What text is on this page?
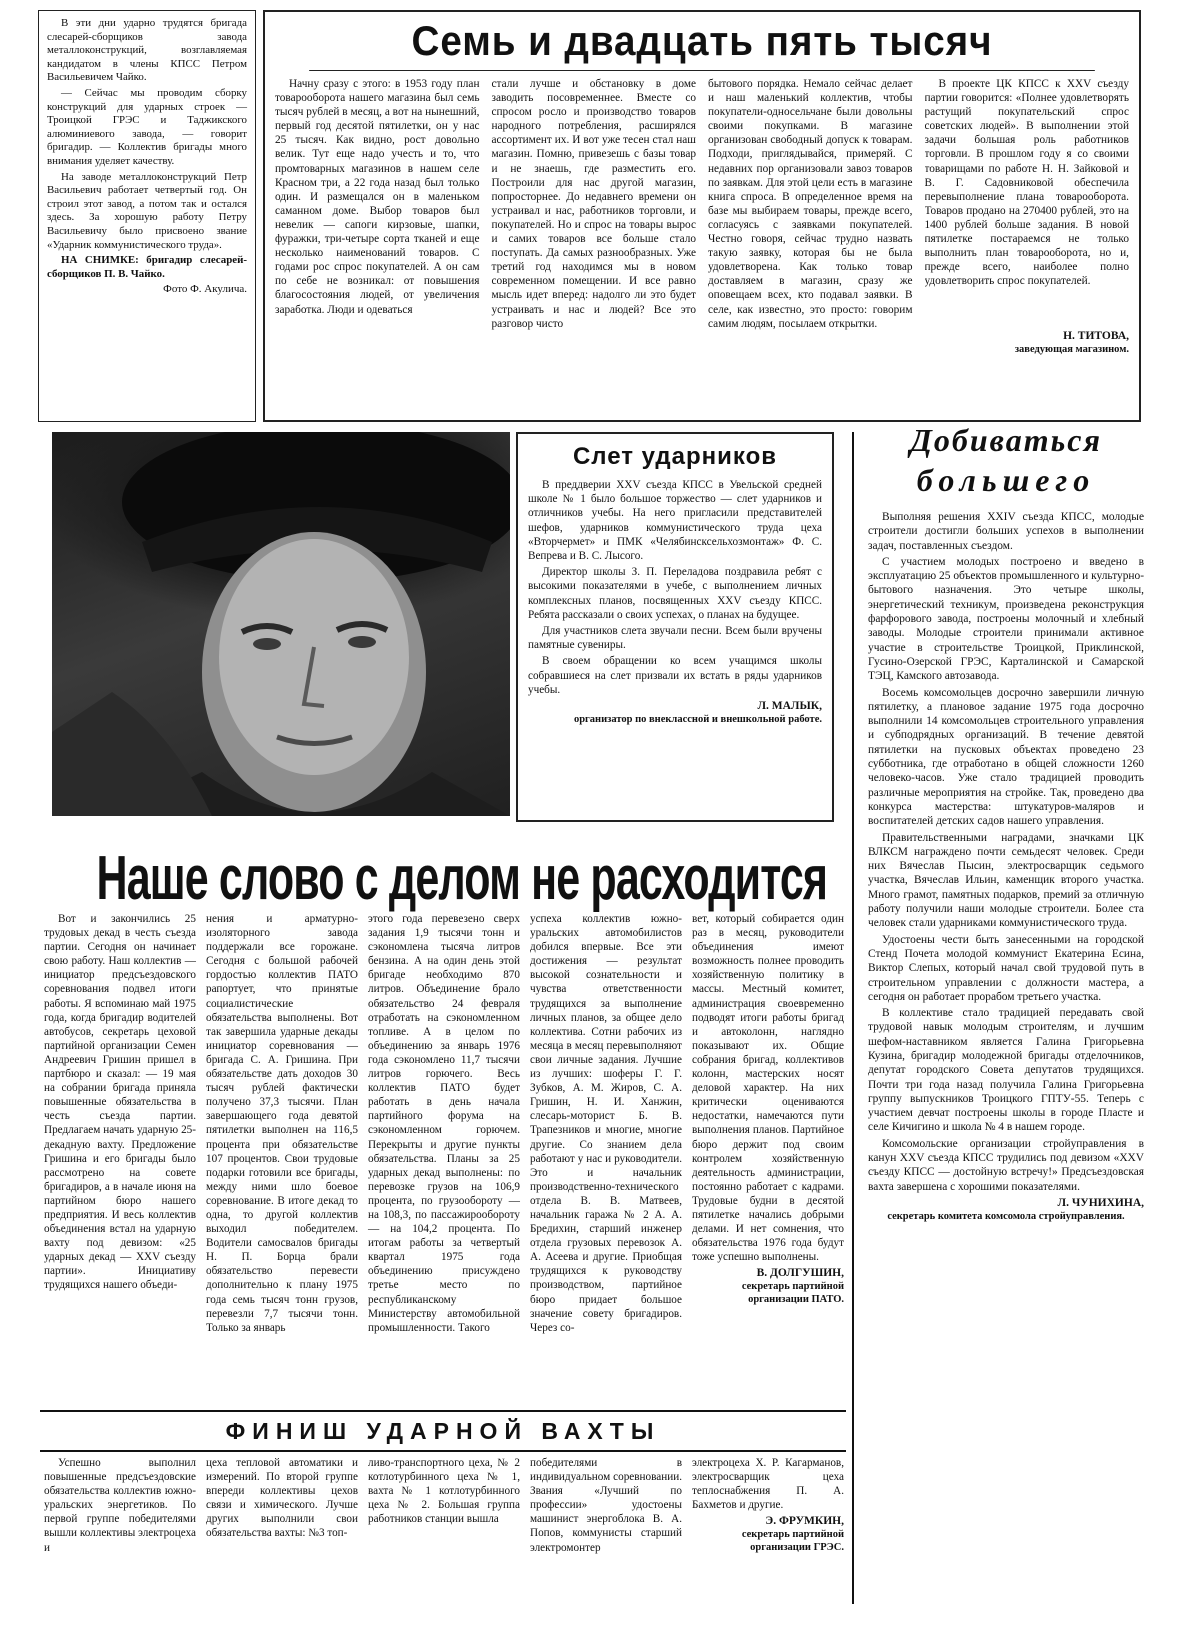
В эти дни ударно трудятся бригада слесарей-сборщиков завода металлоконструкций, возглавляемая кандидатом в члены КПСС Петром Васильевичем Чайко.

— Сейчас мы проводим сборку конструкций для ударных строек — Троицкой ГРЭС и Таджикского алюминиевого завода, — говорит бригадир. — Коллектив бригады много внимания уделяет качеству.

На заводе металлоконструкций Петр Васильевич работает четвертый год. Он строил этот завод, а потом так и остался здесь. За хорошую работу Петру Васильевичу было присвоено звание «Ударник коммунистического труда».

НА СНИМКЕ: бригадир слесарей-сборщиков П. В. Чайко.

Фото Ф. Акулича.
Семь и двадцать пять тысяч

Начну сразу с этого: в 1953 году план товарооборота нашего магазина был семь тысяч рублей в месяц, а вот на нынешний, первый год десятой пятилетки, он у нас 25 тысяч. Как видно, рост довольно велик. Тут еще надо учесть и то, что промтоварных магазинов в нашем селе Красном три, а 22 года назад был только один. И размещался он в маленьком саманном доме. Выбор товаров был невелик — сапоги кирзовые, шапки, фуражки, три-четыре сорта тканей и еще несколько наименований товаров. С годами рос спрос покупателей. А он сам по себе не возникал: от повышения благосостояния людей, от увеличения заработка. Люди и одеваться

стали лучше и обстановку в доме заводить посовременнее. Вместе со спросом росло и производство товаров народного потребления, расширялся ассортимент их. И вот уже тесен стал наш магазин. Помню, привезешь с базы товар и не знаешь, где разместить его. Построили для нас другой магазин, попросторнее. До недавнего времени он устраивал и нас, работников торговли, и покупателей. Но и спрос на товары вырос и самих товаров все больше стало поступать. Да самых разнообразных. Уже третий год находимся мы в новом современном помещении. И все равно мысль идет вперед: надолго ли это будет устраивать и нас и людей? Все это разговор чисто

бытового порядка. Немало сейчас делает и наш маленький коллектив, чтобы покупатели-односельчане были довольны своими покупками. В магазине организован свободный допуск к товарам. Подходи, приглядывайся, примеряй. С недавних пор организовали завоз товаров по заявкам. Для этой цели есть в магазине книга спроса. В определенное время на базе мы выбираем товары, прежде всего, согласуясь с заявками покупателей. Честно говоря, сейчас трудно назвать такую заявку, которая бы не была удовлетворена. Как только товар доставляем в магазин, сразу же оповещаем всех, кто подавал заявки. В селе, как известно, это просто: говорим самим людям, посылаем открытки.

В проекте ЦК КПСС к XXV съезду партии говорится: «Полнее удовлетворять растущий покупательский спрос советских людей». В выполнении этой задачи большая роль работников торговли. В прошлом году я со своими товарищами по работе Н. Н. Зайковой и В. Г. Садовниковой обеспечила перевыполнение плана товарооборота. Товаров продано на 270400 рублей, это на 1400 рублей больше задания. В новой пятилетке постараемся не только выполнить план товарооборота, но и, прежде всего, наиболее полно удовлетворить спрос покупателей.

Н. ТИТОВА,
заведующая магазином.
Слет ударников

В преддверии XXV съезда КПСС в Увельской средней школе № 1 было большое торжество — слет ударников и отличников учебы. На него пригласили представителей шефов, ударников коммунистического труда цеха «Вторчермет» и ПМК «Челябинсксельхозмонтаж» Ф. С. Вепрева и В. С. Лысого.

Директор школы З. П. Переладова поздравила ребят с высокими показателями в учебе, с выполнением личных комплексных планов, посвященных XXV съезду КПСС. Ребята рассказали о своих успехах, о планах на будущее.

Для участников слета звучали песни. Всем были вручены памятные сувениры.

В своем обращении ко всем учащимся школы собравшиеся на слет призвали их встать в ряды ударников учебы.

Л. МАЛЫК,
организатор по внеклассной и внешкольной работе.
Добиваться
большего

Выполняя решения XXIV съезда КПСС, молодые строители достигли больших успехов в выполнении задач, поставленных съездом.

С участием молодых построено и введено в эксплуатацию 25 объектов промышленного и культурно-бытового назначения. Это четыре школы, энергетический техникум, произведена реконструкция фарфорового завода, построены молочный и хлебный заводы. Молодые строители принимали активное участие в строительстве Троицкой, Приклинской, Гусино-Озерской ГРЭС, Карталинской и Самарской ТЭЦ, Камского автозавода.

Восемь комсомольцев досрочно завершили личную пятилетку, а плановое задание 1975 года досрочно выполнили 14 комсомольцев строительного управления и субподрядных организаций. В течение девятой пятилетки на пусковых объектах проведено 23 субботника, где отработано в общей сложности 1260 человеко-часов. Уже стало традицией проводить различные мероприятия на стройке. Так, проведено два конкурса мастерства: штукатуров-маляров и воспитателей детских садов нашего управления.

Правительственными наградами, значками ЦК ВЛКСМ награждено почти семьдесят человек. Среди них Вячеслав Пысин, электросварщик седьмого участка, Вячеслав Ильин, каменщик второго участка. Много грамот, памятных подарков, премий за отличную работу получили наши молодые строители. Более ста человек стали ударниками коммунистического труда.

Удостоены чести быть занесенными на городской Стенд Почета молодой коммунист Екатерина Есина, Виктор Слепых, который начал свой трудовой путь в строительном управлении с должности мастера, а сегодня он работает прорабом третьего участка.

В коллективе стало традицией передавать свой трудовой навык молодым строителям, и лучшим шефом-наставником является Галина Григорьевна Кузина, бригадир молодежной бригады отделочников, депутат городского Совета депутатов трудящихся. Почти три года назад получила Галина Григорьевна группу выпускников Троицкого ГПТУ-55. Теперь с участием девчат построены школы в городе Пласте и селе Кичигино и школа № 4 в нашем городе.

Комсомольские организации стройуправления в канун XXV съезда КПСС трудились под девизом «XXV съезду КПСС — достойную встречу!» Предсъездовская вахта завершена с хорошими показателями.

Л. ЧУНИХИНА,
секретарь комитета комсомола стройуправления.
Наше слово с делом не расходится

Вот и закончились 25 трудовых декад в честь съезда партии. Сегодня он начинает свою работу. Наш коллектив — инициатор предсъездовского соревнования подвел итоги работы. Я вспоминаю май 1975 года, когда бригадир водителей автобусов, секретарь цеховой партийной организации Семен Андреевич Гришин пришел в партбюро и сказал: — 19 мая на собрании бригада приняла повышенные обязательства в честь съезда партии. Предлагаем начать ударную 25-декадную вахту. Предложение Гришина и его бригады было рассмотрено на совете бригадиров, а в начале июня на партийном бюро нашего предприятия. И весь коллектив объединения встал на ударную вахту под девизом: «25 ударных декад — XXV съезду партии». Инициативу трудящихся нашего объеди-

нения и арматурно-изоляторного завода поддержали все горожане. Сегодня с большой рабочей гордостью коллектив ПАТО рапортует, что принятые социалистические обязательства выполнены. Вот так завершила ударные декады инициатор соревнования — бригада С. А. Гришина. При обязательстве дать доходов 30 тысяч рублей фактически получено 37,3 тысячи. План завершающего года девятой пятилетки выполнен на 116,5 процента при обязательстве 107 процентов. Свои трудовые подарки готовили все бригады, между ними шло боевое соревнование. В итоге декад то одна, то другой коллектив выходил победителем. Водители самосвалов бригады Н. П. Борца брали обязательство перевести дополнительно к плану 1975 года семь тысяч тонн грузов, перевезли 7,7 тысячи тонн. Только за январь

этого года перевезено сверх задания 1,9 тысячи тонн и сэкономлена тысяча литров бензина. А на один день этой бригаде необходимо 870 литров. Объединение брало обязательство 24 февраля отработать на сэкономленном топливе. А в целом по объединению за январь 1976 года сэкономлено 11,7 тысячи литров горючего. Весь коллектив ПАТО будет работать в день начала партийного форума на сэкономленном горючем. Перекрыты и другие пункты обязательства. Планы за 25 ударных декад выполнены: по перевозке грузов на 106,9 процента, по грузообороту — на 108,3, по пассажирообороту — на 104,2 процента. По итогам работы за четвертый квартал 1975 года объединению присуждено третье место по республиканскому Министерству автомобильной промышленности. Такого

успеха коллектив южно-уральских автомобилистов добился впервые. Все эти достижения — результат высокой сознательности и чувства ответственности трудящихся за выполнение личных планов, за общее дело коллектива. Сотни рабочих из месяца в месяц перевыполняют свои личные задания. Лучшие из лучших: шоферы Г. Г. Зубков, А. М. Жиров, С. А. Гришин, Н. И. Ханжин, слесарь-моторист Б. В. Трапезников и многие, многие другие. Со знанием дела работают у нас и руководители. Это и начальник производственно-технического отдела В. В. Матвеев, начальник гаража № 2 А. А. Бредихин, старший инженер отдела грузовых перевозок А. А. Асеева и другие. Приобщая трудящихся к руководству производством, партийное бюро придает большое значение совету бригадиров. Через со-

вет, который собирается один раз в месяц, руководители объединения имеют возможность полнее проводить хозяйственную политику в массы. Местный комитет, администрация своевременно подводят итоги работы бригад и автоколонн, наглядно показывают их. Общие собрания бригад, коллективов колонн, мастерских носят деловой характер. На них критически оцениваются недостатки, намечаются пути выполнения планов. Партийное бюро держит под своим контролем хозяйственную деятельность администрации, постоянно работает с кадрами. Трудовые будни в десятой пятилетке начались добрыми делами. И нет сомнения, что обязательства 1976 года будут тоже успешно выполнены.

В. ДОЛГУШИН,
секретарь партийной организации ПАТО.
ФИНИШ УДАРНОЙ ВАХТЫ

Успешно выполнил повышенные предсъездовские обязательства коллектив южно-уральских энергетиков. По первой группе победителями вышли коллективы электроцеха и

цеха тепловой автоматики и измерений. По второй группе впереди коллективы цехов связи и химического. Лучше других выполнили свои обязательства вахты: №3 топ-

ливо-транспортного цеха, № 2 котлотурбинного цеха № 1, вахта № 1 котлотурбинного цеха № 2. Большая группа работников станции вышла

победителями в индивидуальном соревновании. Звания «Лучший по профессии» удостоены машинист энергоблока В. А. Попов, коммунисты старший электромонтер

электроцеха Х. Р. Кагарманов, электросварщик цеха теплоснабжения П. А. Бахметов и другие.

Э. ФРУМКИН,
секретарь партийной организации ГРЭС.
